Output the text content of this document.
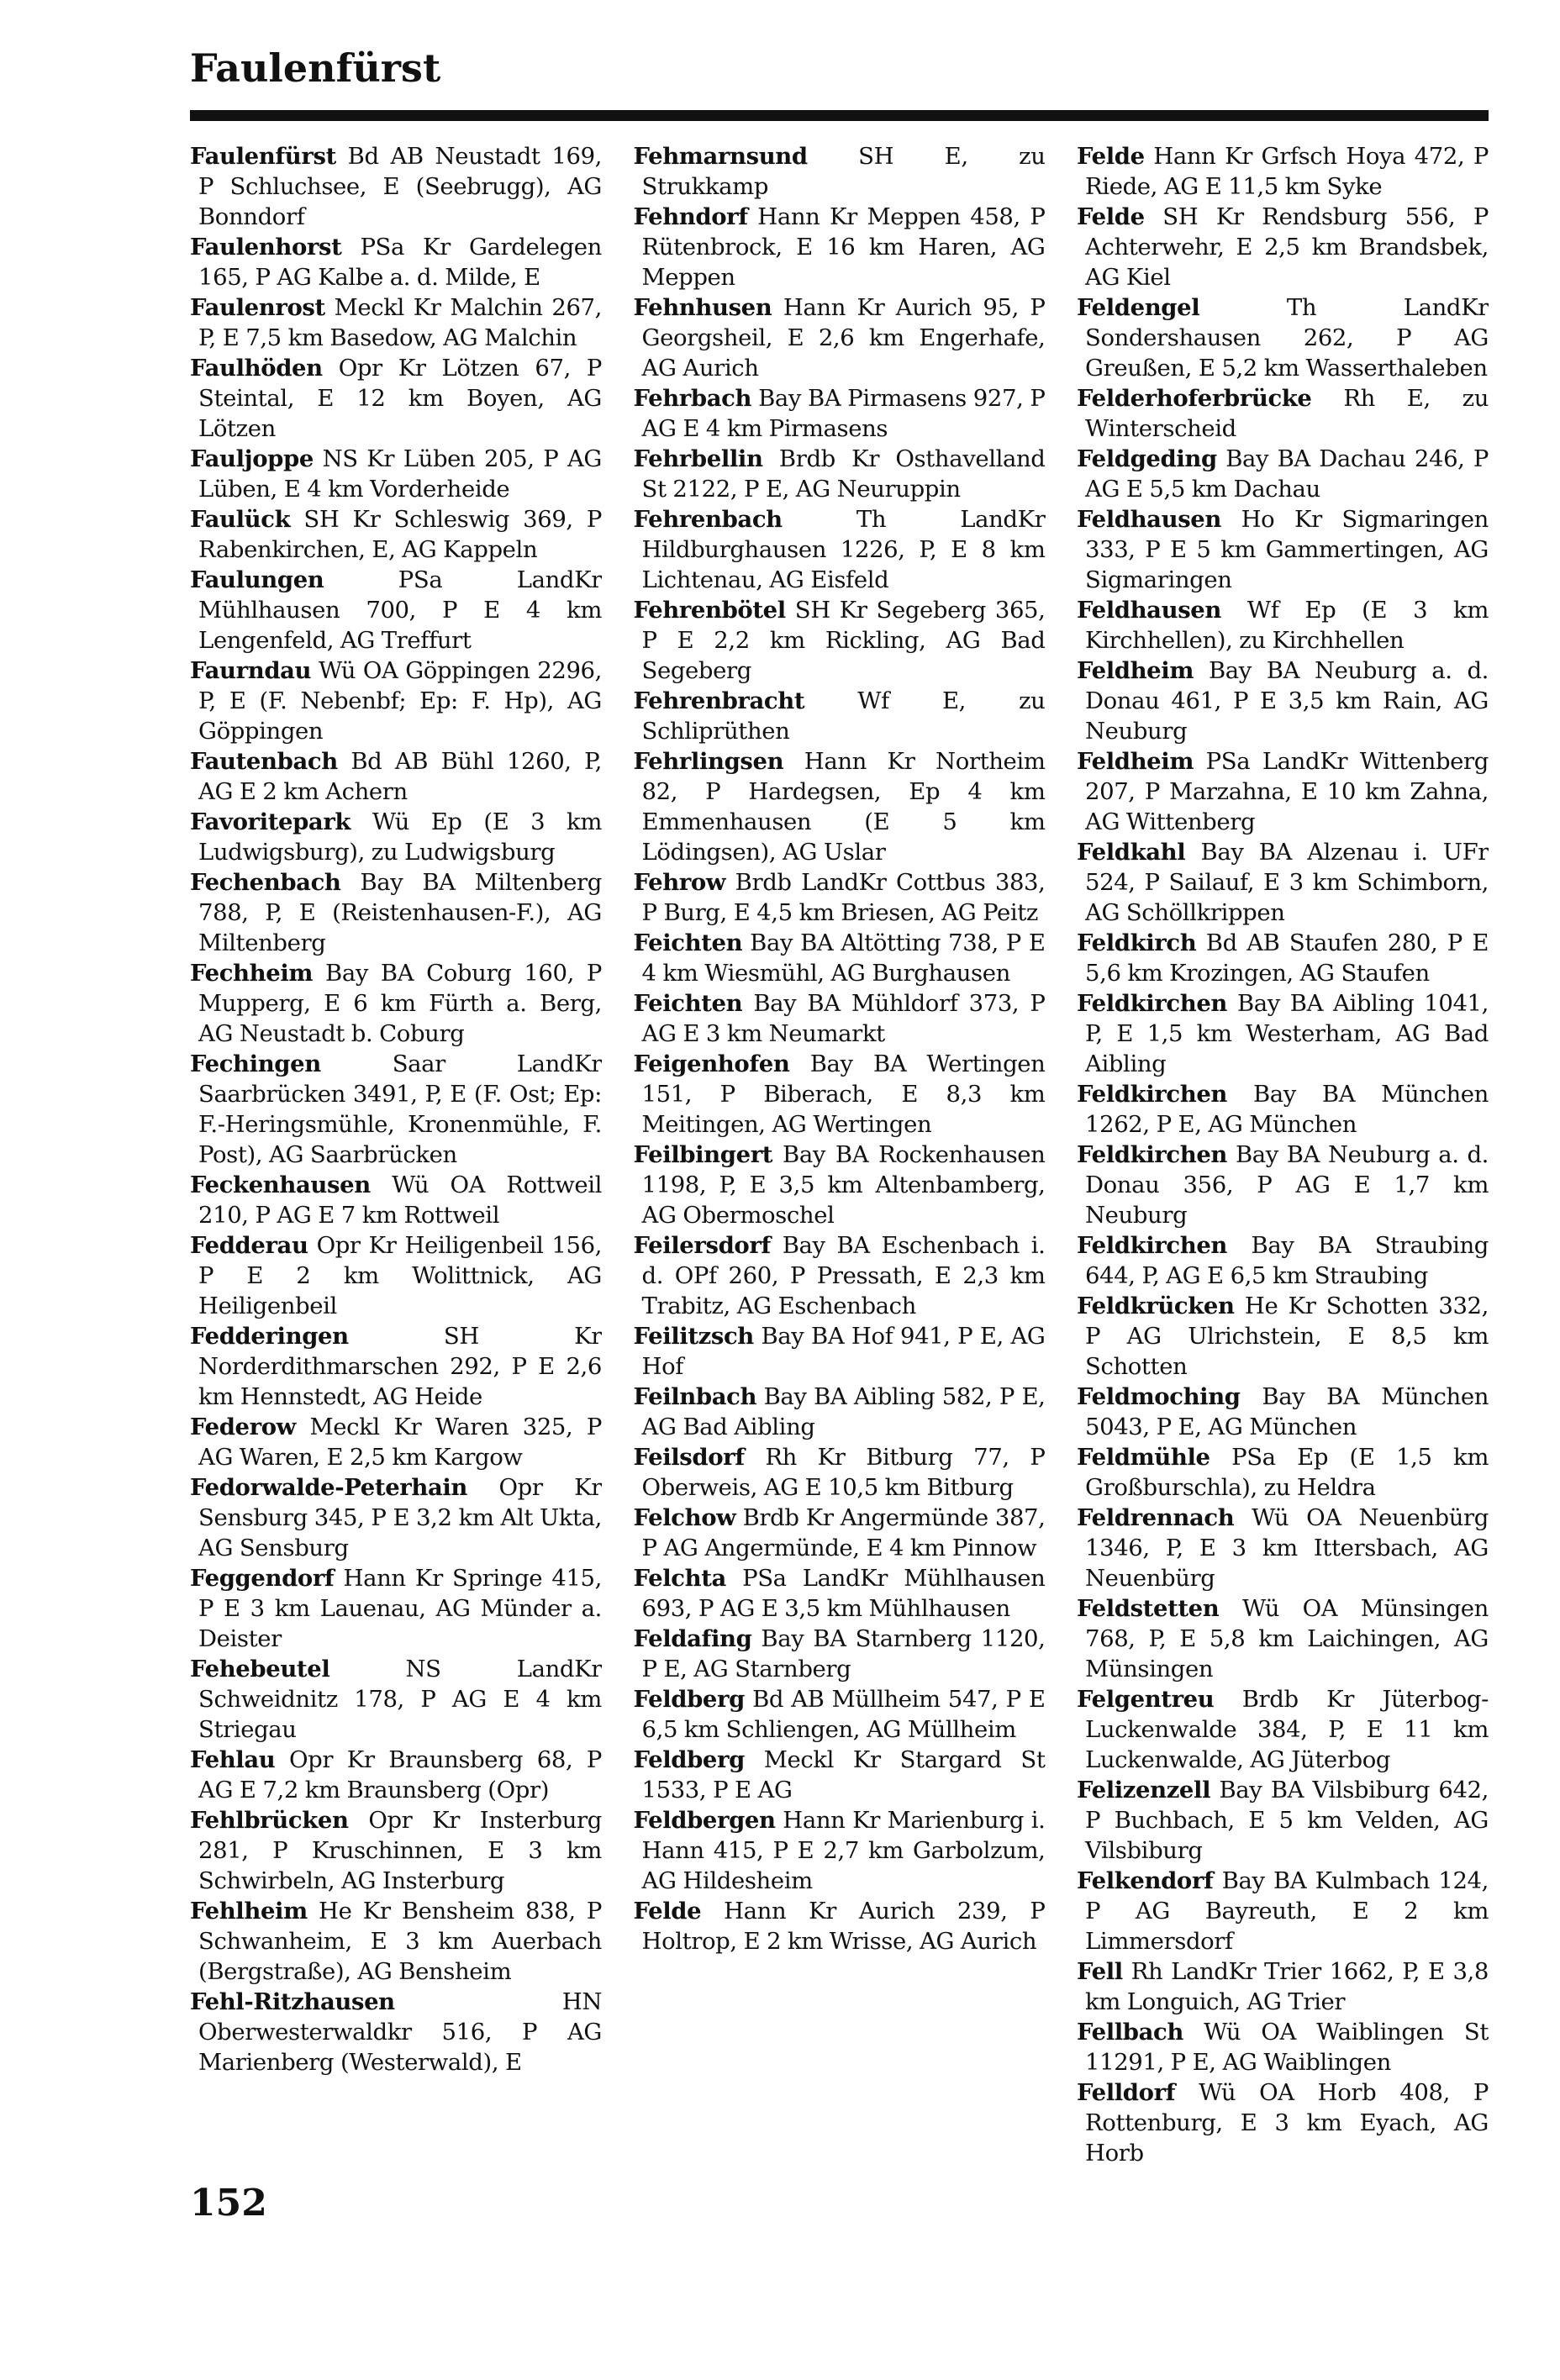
Faulenfürst

Faulenfürst Bd AB Neustadt 169, P Schluchsee, E (Seebrugg), AG Bonndorf

Faulenhorst PSa Kr Gardelegen 165, P AG Kalbe a. d. Milde, E

Faulenrost Meckl Kr Malchin 267, P, E 7,5 km Basedow, AG Malchin

Faulhöden Opr Kr Lötzen 67, P Steintal, E 12 km Boyen, AG Lötzen

Fauljoppe NS Kr Lüben 205, P AG Lüben, E 4 km Vorderheide

Faulück SH Kr Schleswig 369, P Rabenkirchen, E, AG Kappeln

Faulungen	PSa LandKr Mühlhausen 700, P E 4 km Lengenfeld, AG Treffurt

Faurndau Wü OA Göppingen 2296, P, E (F. Nebenbf; Ep: F. Hp), AG Göppingen

Fautenbach Bd AB Bühl 1260, P, AG E 2 km Achern

Favoritepark Wü Ep (E 3 km Ludwigsburg), zu Ludwigsburg

Fechenbach Bay BA Miltenberg 788, P, E (Reistenhausen-F.), AG Miltenberg

Fechheim Bay BA Coburg 160, P Mupperg, E 6 km Fürth a. Berg, AG Neustadt b. Coburg

Fechingen	Saar LandKr Saarbrücken 3491, P, E (F. Ost; Ep: F.-Heringsmühle, Kronenmühle, F. Post), AG Saarbrücken

Feckenhausen Wü OA Rottweil 210, P AG E 7 km Rottweil

Fedderau Opr Kr Heiligenbeil 156, P E 2 km Wolittnick, AG Heiligenbeil

Fedderingen	SH Kr Norderdithmarschen 292, P E 2,6 km Hennstedt, AG Heide

Federow Meckl Kr Waren 325, P AG Waren, E 2,5 km Kargow

Fedorwalde-Peterhain Opr Kr Sensburg 345, P E 3,2 km Alt Ukta, AG Sensburg

Feggendorf Hann Kr Springe 415, P E 3 km Lauenau, AG Münder a. Deister

Fehebeutel	NS LandKr Schweidnitz 178, P AG E 4 km Striegau

Fehlau Opr Kr Braunsberg 68, P AG E 7,2 km Braunsberg (Opr)

Fehlbrücken Opr Kr Insterburg 281, P Kruschinnen, E 3 km Schwirbeln, AG Insterburg

Fehlheim He Kr Bensheim 838, P Schwanheim, E 3 km Auerbach (Bergstraße), AG Bensheim

Fehl-Ritzhausen	HN Oberwesterwaldkr 516, P AG Marienberg (Westerwald), E

Fehmarnsund SH E, zu Strukkamp

Fehndorf Hann Kr Meppen 458, P Rütenbrock, E 16 km Haren, AG Meppen

Fehnhusen Hann Kr Aurich 95, P Georgsheil, E 2,6 km Engerhafe, AG Aurich

Fehrbach Bay BA Pirmasens 927, P AG E 4 km Pirmasens

Fehrbellin Brdb Kr Osthavelland St 2122, P E, AG Neuruppin

Fehrenbach	Th LandKr Hildburghausen 1226, P, E 8 km Lichtenau, AG Eisfeld

Fehrenbötel SH Kr Segeberg 365, P E 2,2 km Rickling, AG Bad Segeberg

Fehrenbracht Wf E, zu Schliprüthen

Fehrlingsen Hann Kr Northeim 82, P Hardegsen, Ep 4 km Emmenhausen (E 5 km Lödingsen), AG Uslar

Fehrow Brdb LandKr Cottbus 383, P Burg, E 4,5 km Briesen, AG Peitz

Feichten Bay BA Altötting 738, P E 4 km Wiesmühl, AG Burghausen

Feichten Bay BA Mühldorf 373, P AG E 3 km Neumarkt

Feigenhofen Bay BA Wertingen 151, P Biberach, E 8,3 km Meitingen, AG Wertingen

Feilbingert Bay BA Rockenhausen 1198, P, E 3,5 km Altenbamberg, AG Obermoschel

Feilersdorf Bay BA Eschenbach i. d. OPf 260, P Pressath, E 2,3 km Trabitz, AG Eschenbach

Feilitzsch Bay BA Hof 941, P E, AG Hof

Feilnbach Bay BA Aibling 582, P E, AG Bad Aibling

Feilsdorf Rh Kr Bitburg 77, P Oberweis, AG E 10,5 km Bitburg

Felchow Brdb Kr Angermünde 387, P AG Angermünde, E 4 km Pinnow

Felchta PSa LandKr Mühlhausen 693, P AG E 3,5 km Mühlhausen

Feldafing Bay BA Starnberg 1120, P E, AG Starnberg

Feldberg Bd AB Müllheim 547, P E 6,5 km Schliengen, AG Müllheim

Feldberg Meckl Kr Stargard St 1533, P E AG

Feldbergen Hann Kr Marienburg i. Hann 415, P E 2,7 km Garbolzum, AG Hildesheim

Felde Hann Kr Aurich 239, P Holtrop, E 2 km Wrisse, AG Aurich

Felde Hann Kr Grfsch Hoya 472, P Riede, AG E 11,5 km Syke

Felde SH Kr Rendsburg 556, P Achterwehr, E 2,5 km Brandsbek, AG Kiel

Feldengel	Th LandKr Sondershausen 262, P AG Greußen, E 5,2 km Wasserthaleben

Felderhoferbrücke Rh E, zu Winterscheid

Feldgeding Bay BA Dachau 246, P AG E 5,5 km Dachau

Feldhausen Ho Kr Sigmaringen 333, P E 5 km Gammertingen, AG Sigmaringen

Feldhausen Wf Ep (E 3 km Kirchhellen), zu Kirchhellen

Feldheim Bay BA Neuburg a. d. Donau 461, P E 3,5 km Rain, AG Neuburg

Feldheim PSa LandKr Wittenberg 207, P Marzahna, E 10 km Zahna, AG Wittenberg

Feldkahl Bay BA Alzenau i. UFr 524, P Sailauf, E 3 km Schimborn, AG Schöllkrippen

Feldkirch Bd AB Staufen 280, P E 5,6 km Krozingen, AG Staufen

Feldkirchen Bay BA Aibling 1041, P, E 1,5 km Westerham, AG Bad Aibling

Feldkirchen Bay BA München 1262, P E, AG München

Feldkirchen Bay BA Neuburg a. d. Donau 356, P AG E 1,7 km Neuburg

Feldkirchen Bay BA Straubing 644, P, AG E 6,5 km Straubing

Feldkrücken He Kr Schotten 332, P AG Ulrichstein, E 8,5 km Schotten

Feldmoching Bay BA München 5043, P E, AG München

Feldmühle PSa Ep (E 1,5 km Großburschla), zu Heldra

Feldrennach Wü OA Neuenbürg 1346, P, E 3 km Ittersbach, AG Neuenbürg

Feldstetten Wü OA Münsingen 768, P, E 5,8 km Laichingen, AG Münsingen

Felgentreu Brdb Kr Jüterbog-Luckenwalde 384, P, E 11 km Luckenwalde, AG Jüterbog

Felizenzell Bay BA Vilsbiburg 642, P Buchbach, E 5 km Velden, AG Vilsbiburg

Felkendorf Bay BA Kulmbach 124, P AG Bayreuth, E 2 km Limmersdorf

Fell Rh LandKr Trier 1662, P, E 3,8 km Longuich, AG Trier

Fellbach Wü OA Waiblingen St 11291, P E, AG Waiblingen

Felldorf Wü OA Horb 408, P Rottenburg, E 3 km Eyach, AG Horb

152
